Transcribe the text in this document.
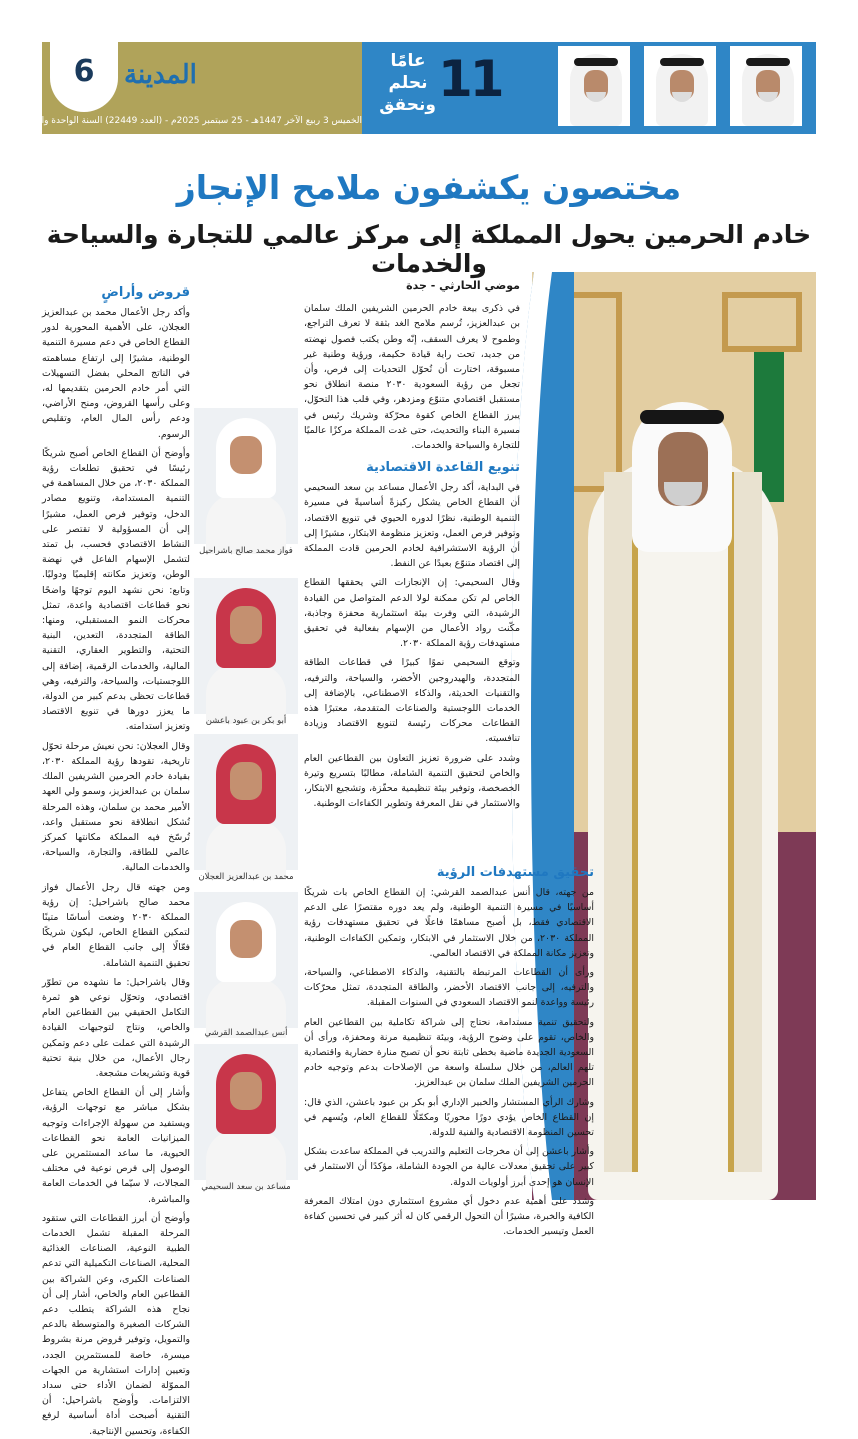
6	المدينة
الخميس 3 ربيع الآخر 1447هـ - 25 سبتمبر 2025م - (العدد 22449) السنة الواحدة والتسعون
11
عامًا
نحلم
ونحقق
مختصون يكشفون ملامح الإنجاز
خادم الحرمين يحول المملكة إلى مركز عالمي للتجارة والسياحة والخدمات
موضي الحارثي - جدة

في ذكرى بيعة خادم الحرمين الشريفين الملك سلمان بن عبدالعزيز، تُرسم ملامح الغد بثقة لا تعرف التراجع، وطموح لا يعرف السقف، إنّه وطن يكتب فصول نهضته من جديد، تحت راية قيادة حكيمة، ورؤية وطنية غير مسبوقة، اختارت أن تُحوّل التحديات إلى فرص، وأن تجعل من رؤية السعودية ٢٠٣٠ منصة انطلاق نحو مستقبل اقتصادي متنوّع ومزدهر، وفي قلب هذا التحوّل، يبرز القطاع الخاص كقوة محرّكة وشريك رئيس في مسيرة البناء والتحديث، حتى غدت المملكة مركزًا عالميًا للتجارة والسياحة والخدمات.

تنويع القاعدة الاقتصادية

في البداية، أكد رجل الأعمال مساعد بن سعد السحيمي أن القطاع الخاص يشكل ركيزةً أساسيةً في مسيرة التنمية الوطنية، نظرًا لدوره الحيوي في تنويع الاقتصاد، وتوفير فرص العمل، وتعزيز منظومة الابتكار، مشيرًا إلى أن الرؤية الاستشرافية لخادم الحرمين قادت المملكة إلى اقتصاد متنوّع بعيدًا عن النفط.

وقال السحيمي: إن الإنجازات التي يحققها القطاع الخاص لم تكن ممكنة لولا الدعم المتواصل من القيادة الرشيدة، التي وفرت بيئة استثمارية محفزة وجاذبة، مكّنت رواد الأعمال من الإسهام بفعالية في تحقيق مستهدفات رؤية المملكة ٢٠٣٠.

وتوقع السحيمي نموًا كبيرًا في قطاعات الطاقة المتجددة، والهيدروجين الأخضر، والسياحة، والترفيه، والتقنيات الحديثة، والذكاء الاصطناعي، بالإضافة إلى الخدمات اللوجستية والصناعات المتقدمة، معتبرًا هذه القطاعات محركات رئيسة لتنويع الاقتصاد وزيادة تنافسيته.

وشدد على ضرورة تعزيز التعاون بين القطاعين العام والخاص لتحقيق التنمية الشاملة، مطالبًا بتسريع وتيرة الخصخصة، وتوفير بيئة تنظيمية محفّزة، وتشجيع الابتكار، والاستثمار في نقل المعرفة وتطوير الكفاءات الوطنية.

تحقيق مستهدفات الرؤية

من جهته، قال أنس عبدالصمد القرشي: إن القطاع الخاص بات شريكًا أساسيًا في مسيرة التنمية الوطنية، ولم يعد دوره مقتصرًا على الدعم الاقتصادي فقط، بل أصبح مساهمًا فاعلًا في تحقيق مستهدفات رؤية المملكة ٢٠٣٠، من خلال الاستثمار في الابتكار، وتمكين الكفاءات الوطنية، وتعزيز مكانة المملكة في الاقتصاد العالمي.

ورأى أن القطاعات المرتبطة بالتقنية، والذكاء الاصطناعي، والسياحة، والترفيه، إلى جانب الاقتصاد الأخضر، والطاقة المتجددة، تمثل محرّكات رئيسة وواعدة لنمو الاقتصاد السعودي في السنوات المقبلة.

ولتحقيق تنمية مستدامة، نحتاج إلى شراكة تكاملية بين القطاعين العام والخاص، تقوم على وضوح الرؤية، وبيئة تنظيمية مرنة ومحفزة، ورأى أن السعودية الجديدة ماضية بخطى ثابتة نحو أن تصبح منارة حضارية واقتصادية تلهم العالم، من خلال سلسلة واسعة من الإصلاحات بدعم وتوجيه خادم الحرمين الشريفين الملك سلمان بن عبدالعزيز.

وشارك الرأي المستشار والخبير الإداري أبو بكر بن عبود باعشن، الذي قال: إن القطاع الخاص يؤدي دورًا محوريًا ومكمّلًا للقطاع العام، ويُسهم في تحسين المنظومة الاقتصادية والفنية للدولة.

وأشار باعشن إلى أن مخرجات التعليم والتدريب في المملكة ساعدت بشكل كبير على تحقيق معدلات عالية من الجودة الشاملة، مؤكدًا أن الاستثمار في الإنسان هو إحدى أبرز أولويات الدولة.

وشدد على أهمية عدم دخول أي مشروع استثماري دون امتلاك المعرفة الكافية والخبرة، مشيرًا أن التحول الرقمي كان له أثر كبير في تحسين كفاءة العمل وتيسير الخدمات.

قروض وأراضٍ

وأكد رجل الأعمال محمد بن عبدالعزيز العجلان، على الأهمية المحورية لدور القطاع الخاص في دعم مسيرة التنمية الوطنية، مشيرًا إلى ارتفاع مساهمته في الناتج المحلي بفضل التسهيلات التي أمر خادم الحرمين بتقديمها له، وعلى رأسها القروض، ومنح الأراضي، ودعم رأس المال العام، وتقليص الرسوم.

وأوضح أن القطاع الخاص أصبح شريكًا رئيسًا في تحقيق تطلعات رؤية المملكة ٢٠٣٠، من خلال المساهمة في التنمية المستدامة، وتنويع مصادر الدخل، وتوفير فرص العمل، مشيرًا إلى أن المسؤولية لا تقتصر على النشاط الاقتصادي فحسب، بل تمتد لتشمل الإسهام الفاعل في نهضة الوطن، وتعزيز مكانته إقليميًا ودوليًا. وتابع: نحن نشهد اليوم توجهًا واضحًا نحو قطاعات اقتصادية واعدة، تمثل محركات النمو المستقبلي، ومنها: الطاقة المتجددة، التعدين، البنية التحتية، والتطوير العقاري، التقنية المالية، والخدمات الرقمية، إضافة إلى اللوجستيات، والسياحة، والترفيه، وهي قطاعات تحظى بدعم كبير من الدولة، ما يعزز دورها في تنويع الاقتصاد وتعزيز استدامته.

وقال العجلان: نحن نعيش مرحلة تحوّل تاريخية، تقودها رؤية المملكة ٢٠٣٠، بقيادة خادم الحرمين الشريفين الملك سلمان بن عبدالعزيز، وسمو ولي العهد الأمير محمد بن سلمان، وهذه المرحلة تُشكل انطلاقة نحو مستقبل واعد، تُرسّخ فيه المملكة مكانتها كمركز عالمي للطاقة، والتجارة، والسياحة، والخدمات المالية.

ومن جهته قال رجل الأعمال فواز محمد صالح باشراحيل: إن رؤية المملكة ٢٠٣٠ وضعت أساسًا متينًا لتمكين القطاع الخاص، ليكون شريكًا فعّالًا إلى جانب القطاع العام في تحقيق التنمية الشاملة.

وقال باشراحيل: ما نشهده من تطوّر اقتصادي، وتحوّل نوعي هو ثمرة التكامل الحقيقي بين القطاعين العام والخاص، ونتاج لتوجيهات القيادة الرشيدة التي عملت على دعم وتمكين رجال الأعمال، من خلال بنية تحتية قوية وتشريعات مشجعة.

وأشار إلى أن القطاع الخاص يتفاعل بشكل مباشر مع توجهات الرؤية، ويستفيد من سهولة الإجراءات وتوجيه الميزانيات العامة نحو القطاعات الحيوية، ما ساعد المستثمرين على الوصول إلى فرص نوعية في مختلف المجالات، لا سيّما في الخدمات العامة والمباشرة.

وأوضح أن أبرز القطاعات التي ستقود المرحلة المقبلة تشمل الخدمات الطبية النوعية، الصناعات الغذائية المحلية، الصناعات التكميلية التي تدعم الصناعات الكبرى، وعن الشراكة بين القطاعين العام والخاص، أشار إلى أن نجاح هذه الشراكة يتطلب دعم الشركات الصغيرة والمتوسطة بالدعم والتمويل، وتوفير قروض مرنة بشروط ميسرة، خاصة للمستثمرين الجدد، وتعيين إدارات استشارية من الجهات المموّلة لضمان الأداء حتى سداد الالتزامات. وأوضح باشراحيل: أن التقنية أصبحت أداة أساسية لرفع الكفاءة، وتحسين الإنتاجية.

فواز محمد صالح باشراحيل
أبو بكر بن عبود باعشن
محمد بن عبدالعزيز العجلان
أنس عبدالصمد القرشي
مساعد بن سعد السحيمي
